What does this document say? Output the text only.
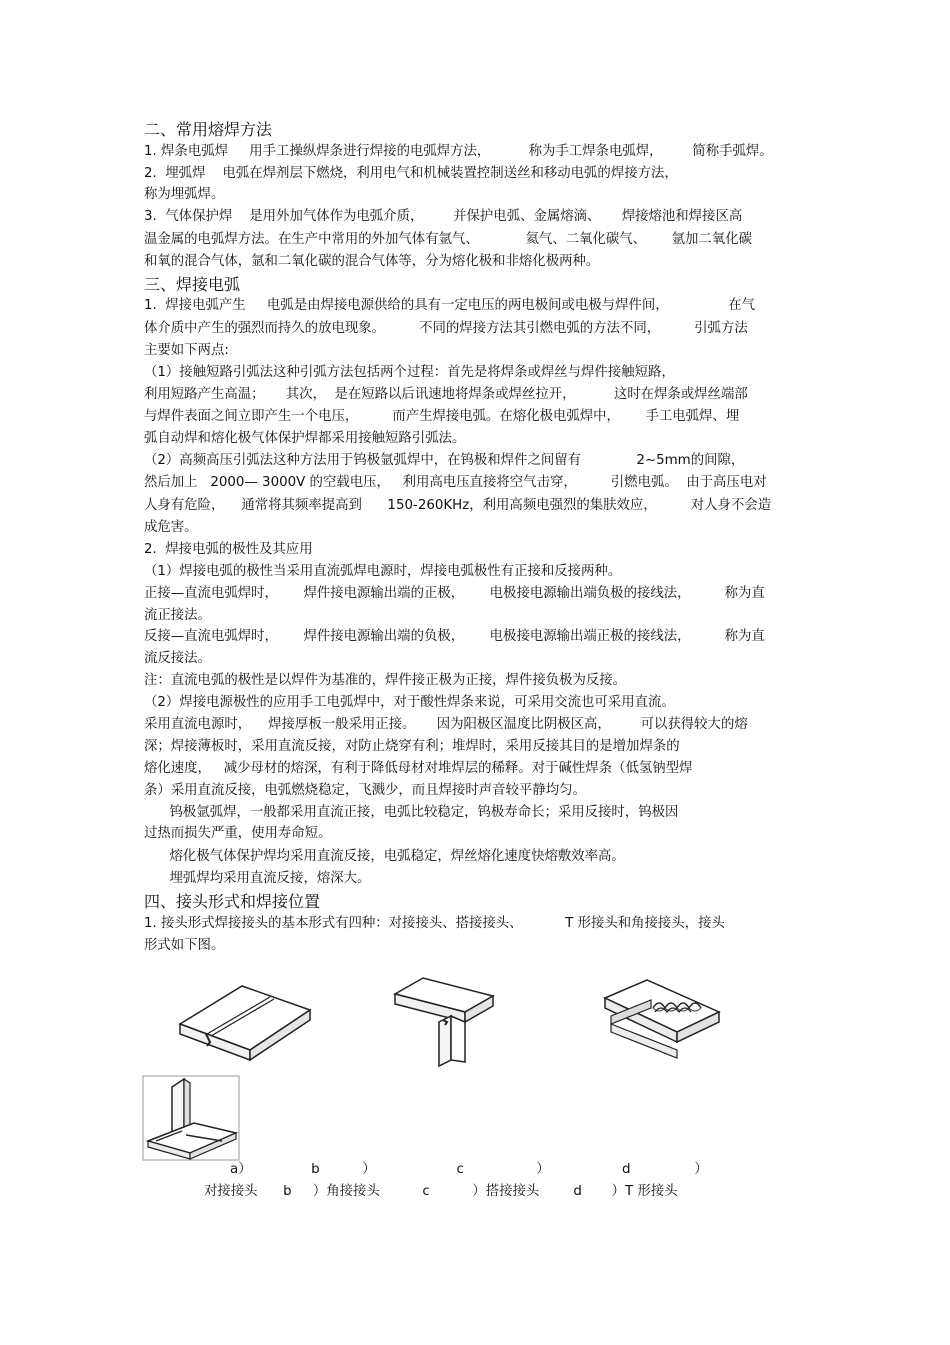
二、常用熔焊方法
1. 焊条电弧焊     用手工操纵焊条进行焊接的电弧焊方法，         称为手工焊条电弧焊，       简称手弧焊。
2.  埋弧焊    电弧在焊剂层下燃烧，利用电气和机械装置控制送丝和移动电弧的焊接方法，
称为埋弧焊。
3.  气体保护焊    是用外加气体作为电弧介质，       并保护电弧、金属熔滴、     焊接熔池和焊接区高
温金属的电弧焊方法。在生产中常用的外加气体有氩气、           氦气、二氧化碳气、      氩加二氧化碳
和氧的混合气体，氩和二氧化碳的混合气体等，分为熔化极和非熔化极两种。
三、焊接电弧
1.  焊接电弧产生     电弧是由焊接电源供给的具有一定电压的两电极间或电极与焊件间，              在气
体介质中产生的强烈而持久的放电现象。        不同的焊接方法其引燃电弧的方法不同，        引弧方法
主要如下两点:
（1）接触短路引弧法这种引弧方法包括两个过程：首先是将焊条或焊丝与焊件接触短路，
利用短路产生高温；     其次，  是在短路以后讯速地将焊条或焊丝拉开，         这时在焊条或焊丝端部
与焊件表面之间立即产生一个电压，        而产生焊接电弧。在熔化极电弧焊中，      手工电弧焊、埋
弧自动焊和熔化极气体保护焊都采用接触短路引弧法。
（2）高频高压引弧法这种方法用于钨极氩弧焊中，在钨极和焊件之间留有             2~5mm的间隙，
然后加上   2000— 3000V 的空载电压，   利用高电压直接将空气击穿，        引燃电弧。  由于高压电对
人身有危险，    通常将其频率提高到      150-260KHz，利用高频电强烈的集肤效应，        对人身不会造
成危害。
2.  焊接电弧的极性及其应用
（1）焊接电弧的极性当采用直流弧焊电源时，焊接电弧极性有正接和反接两种。
正接—直流电弧焊时，      焊件接电源输出端的正极，      电极接电源输出端负极的接线法，        称为直
流正接法。
反接—直流电弧焊时，      焊件接电源输出端的负极，      电极接电源输出端正极的接线法，        称为直
流反接法。
注：直流电弧的极性是以焊件为基准的，焊件接正极为正接，焊件接负极为反接。
（2）焊接电源极性的应用手工电弧焊中，对于酸性焊条来说，可采用交流也可采用直流。
采用直流电源时，    焊接厚板一般采用正接。     因为阳极区温度比阴极区高，       可以获得较大的熔
深；焊接薄板时，采用直流反接，对防止烧穿有利；堆焊时，采用反接其目的是增加焊条的
熔化速度，   减少母材的熔深，有利于降低母材对堆焊层的稀释。对于碱性焊条（低氢钠型焊
条）采用直流反接，电弧燃烧稳定，飞溅少，而且焊接时声音较平静均匀。
钨极氩弧焊，一般都采用直流正接，电弧比较稳定，钨极寿命长；采用反接时，钨极因
过热而损失严重，使用寿命短。
熔化极气体保护焊均采用直流反接，电弧稳定，焊丝熔化速度快熔敷效率高。
埋弧焊均采用直流反接，熔深大。
四、接头形式和焊接位置
1. 接头形式焊接接头的基本形式有四种：对接接头、搭接接头、          T 形接头和角接接头，接头
形式如下图。
a）              b          ）                   c                 ）                 d               ）
对接接头      b     ）角接接头          c          ）搭接接头        d       ）T 形接头
